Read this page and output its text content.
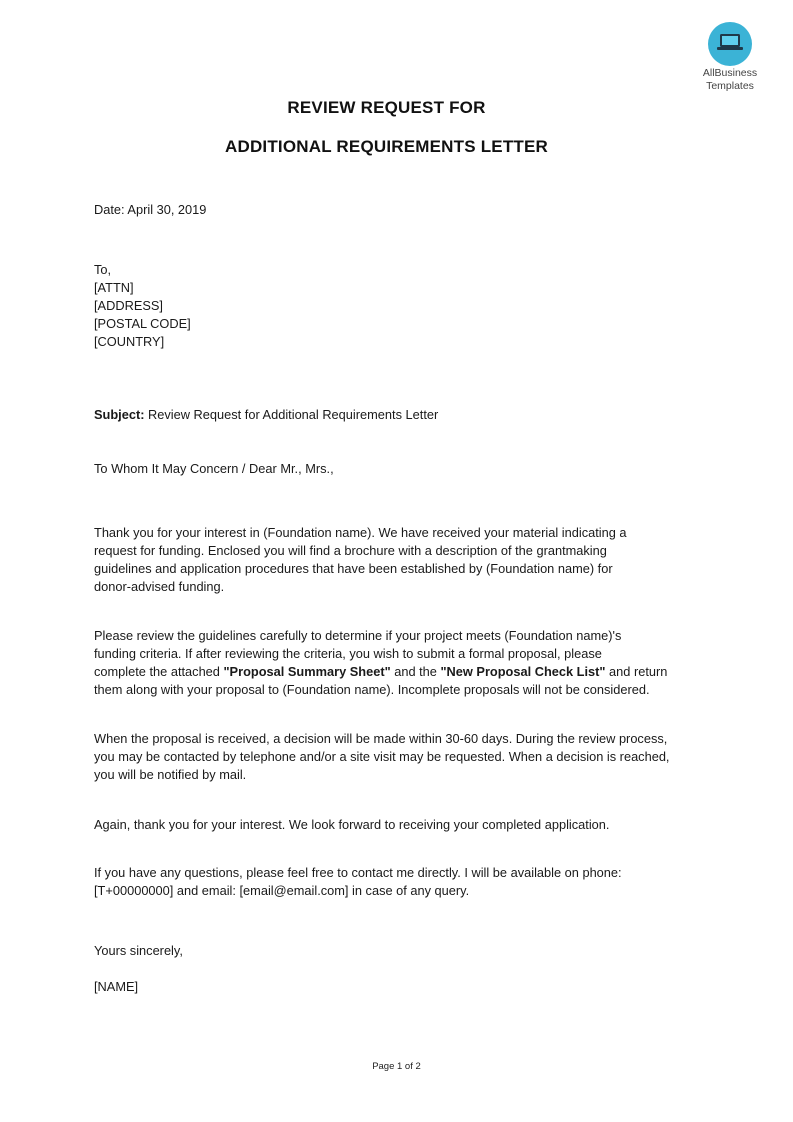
AllBusiness
Templates
REVIEW REQUEST FOR
ADDITIONAL REQUIREMENTS LETTER
Date: April 30, 2019
To,
[ATTN]
[ADDRESS]
[POSTAL CODE]
[COUNTRY]
Subject: Review Request for Additional Requirements Letter
To Whom It May Concern / Dear Mr., Mrs.,
Thank you for your interest in (Foundation name). We have received your material indicating a
request for funding. Enclosed you will find a brochure with a description of the grantmaking
guidelines and application procedures that have been established by (Foundation name) for
donor-advised funding.
Please review the guidelines carefully to determine if your project meets (Foundation name)'s
funding criteria. If after reviewing the criteria, you wish to submit a formal proposal, please
complete the attached "Proposal Summary Sheet" and the "New Proposal Check List" and return
them along with your proposal to (Foundation name). Incomplete proposals will not be considered.
When the proposal is received, a decision will be made within 30-60 days. During the review process,
you may be contacted by telephone and/or a site visit may be requested. When a decision is reached,
you will be notified by mail.
Again, thank you for your interest. We look forward to receiving your completed application.
If you have any questions, please feel free to contact me directly. I will be available on phone:
[T+00000000] and email: [email@email.com] in case of any query.
Yours sincerely,
[NAME]
Page 1 of 2
